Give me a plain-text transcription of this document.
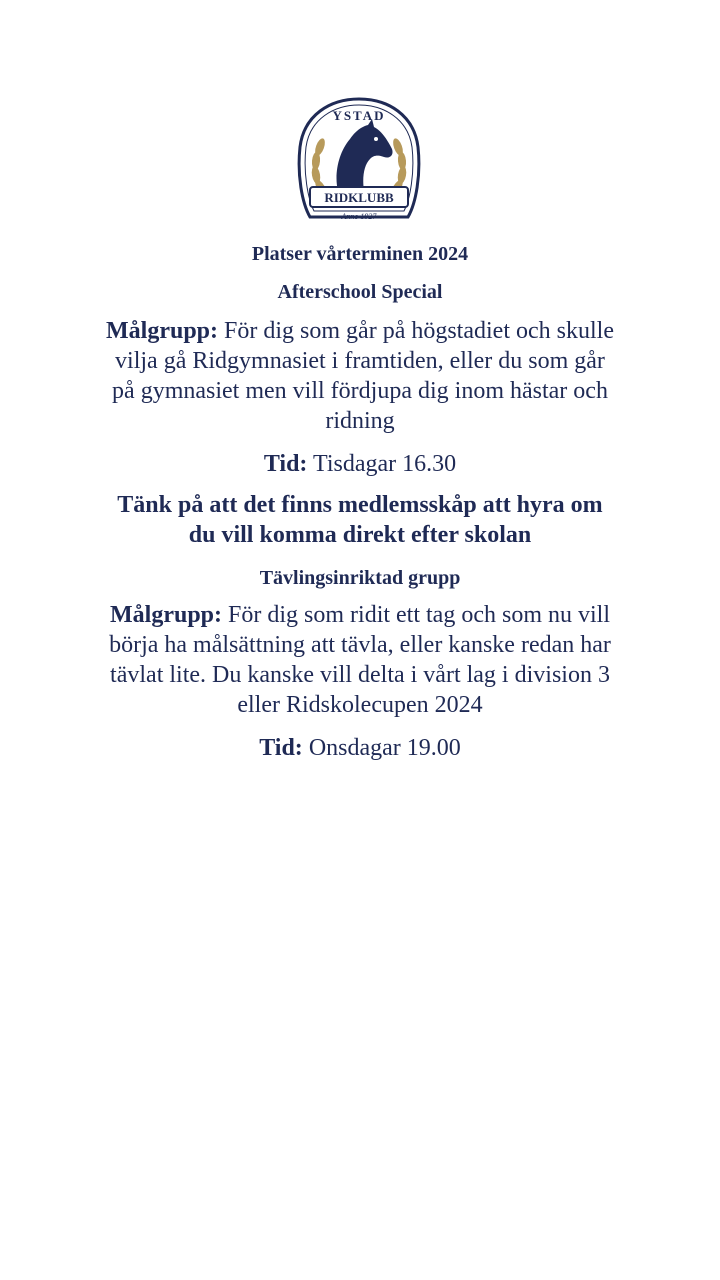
RIDKLUBB
YSTAD
Anno 1927

Platser vårterminen 2024

Afterschool Special

Målgrupp: För dig som går på högstadiet och skulle
vilja gå Ridgymnasiet i framtiden, eller du som går
på gymnasiet men vill fördjupa dig inom hästar och
ridning
Tid: Tisdagar 16.30
Tänk på att det finns medlemsskåp att hyra om
du vill komma direkt efter skolan

Tävlingsinriktad grupp

Målgrupp: För dig som ridit ett tag och som nu vill
börja ha målsättning att tävla, eller kanske redan har
tävlat lite. Du kanske vill delta i vårt lag i division 3
eller Ridskolecupen 2024
Tid: Onsdagar 19.00
